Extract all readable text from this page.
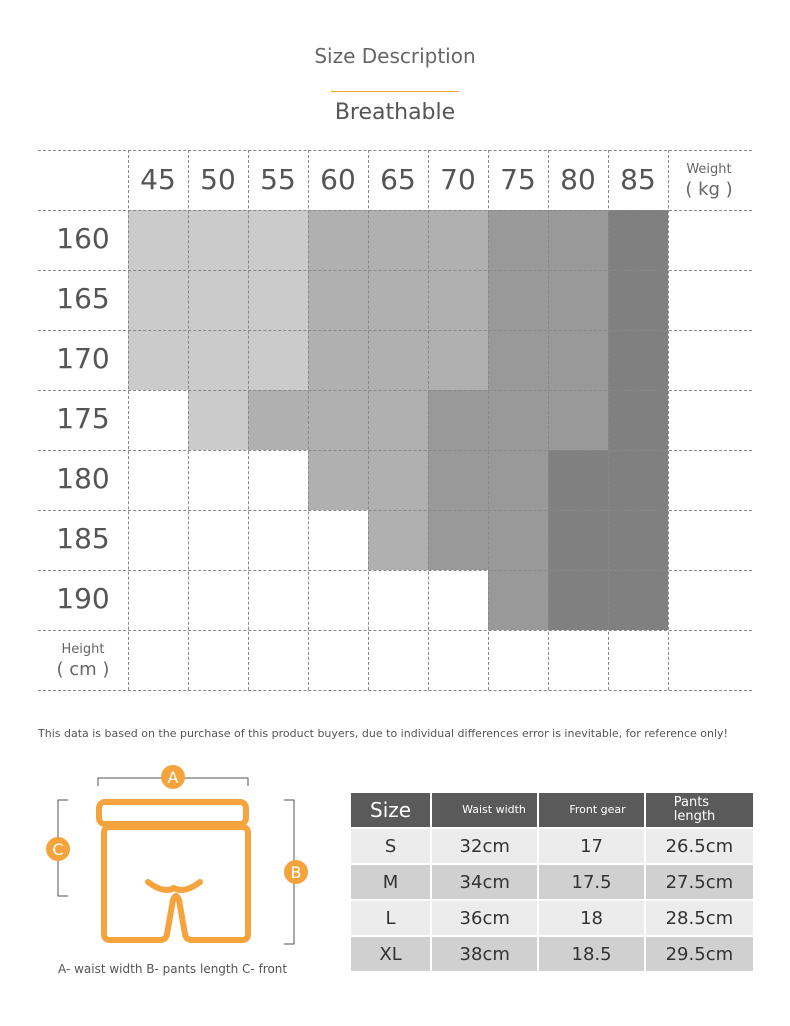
Size Description
Breathable
Weight
( kg )
Height
( cm )
45 50 55 60 65 70 75 80 85
160
165
170
175
180
185
190
This data is based on the purchase of this product buyers, due to individual differences error is inevitable, for reference only!
A
C
B
A- waist width B- pants length C- front
Size	Waist width	Front gear	Pants length
S	32cm	17	26.5cm
M	34cm	17.5	27.5cm
L	36cm	18	28.5cm
XL	38cm	18.5	29.5cm
